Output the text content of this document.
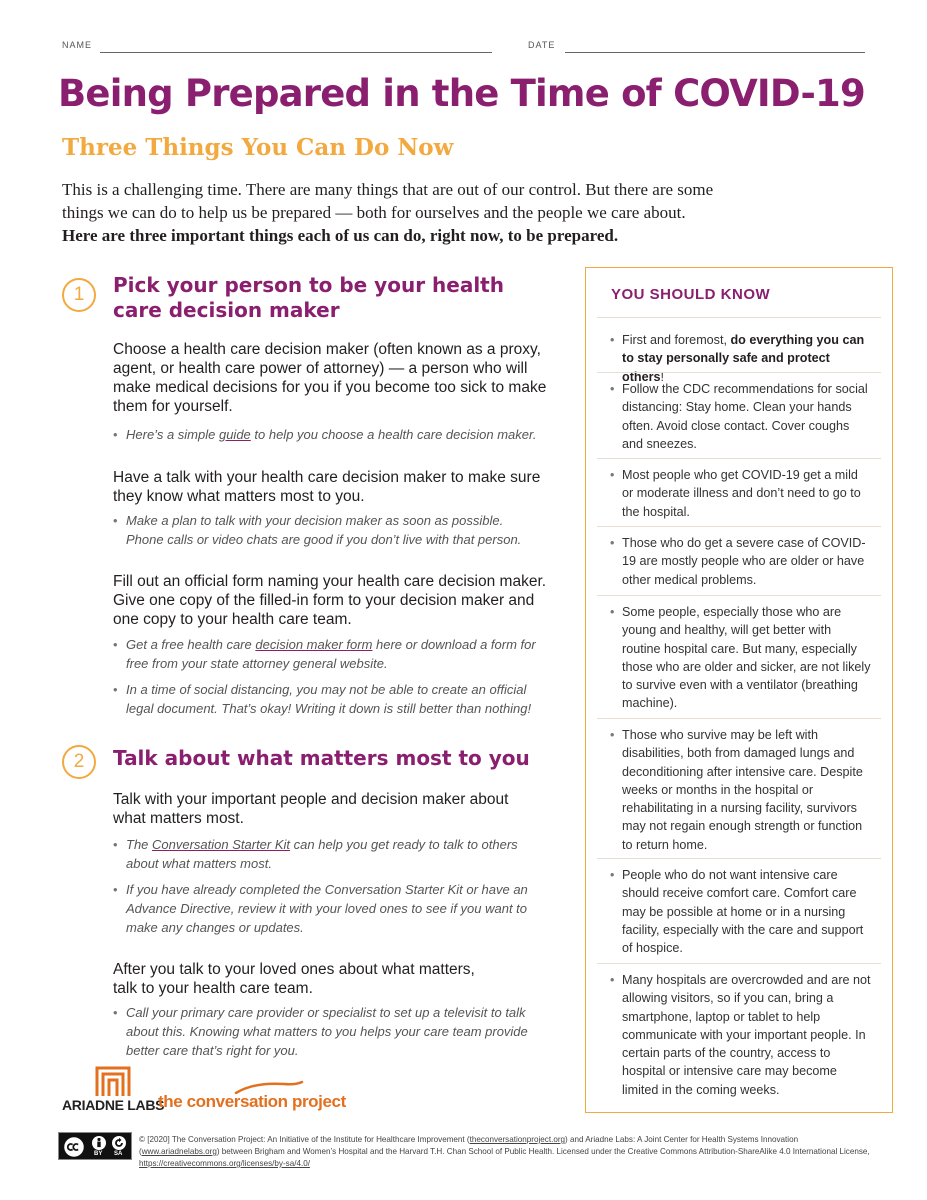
NAME	DATE
Being Prepared in the Time of COVID-19
Three Things You Can Do Now

This is a challenging time. There are many things that are out of our control. But there are some

things we can do to help us be prepared — both for ourselves and the people we care about.

Here are three important things each of us can do, right now, to be prepared.

1	Pick your person to be your health care decision maker
Choose a health care decision maker (often known as a proxy, agent, or health care power of attorney) — a person who will make medical decisions for you if you become too sick to make them for yourself.
• Here’s a simple guide to help you choose a health care decision maker.
Have a talk with your health care decision maker to make sure they know what matters most to you.
• Make a plan to talk with your decision maker as soon as possible. Phone calls or video chats are good if you don’t live with that person.
Fill out an official form naming your health care decision maker. Give one copy of the filled-in form to your decision maker and one copy to your health care team.
• Get a free health care decision maker form here or download a form for free from your state attorney general website.
• In a time of social distancing, you may not be able to create an official legal document. That’s okay! Writing it down is still better than nothing!
2	Talk about what matters most to you
Talk with your important people and decision maker about what matters most.
• The Conversation Starter Kit can help you get ready to talk to others about what matters most.
• If you have already completed the Conversation Starter Kit or have an Advance Directive, review it with your loved ones to see if you want to make any changes or updates.
After you talk to your loved ones about what matters, talk to your health care team.
• Call your primary care provider or specialist to set up a televisit to talk about this. Knowing what matters to you helps your care team provide better care that’s right for you.
YOU SHOULD KNOW
• First and foremost, do everything you can to stay personally safe and protect others!
• Follow the CDC recommendations for social distancing: Stay home. Clean your hands often. Avoid close contact. Cover coughs and sneezes.
• Most people who get COVID-19 get a mild or moderate illness and don’t need to go to the hospital.
• Those who do get a severe case of COVID-19 are mostly people who are older or have other medical problems.
• Some people, especially those who are young and healthy, will get better with routine hospital care. But many, especially those who are older and sicker, are not likely to survive even with a ventilator (breathing machine).
• Those who survive may be left with disabilities, both from damaged lungs and deconditioning after intensive care. Despite weeks or months in the hospital or rehabilitating in a nursing facility, survivors may not regain enough strength or function to return home.
• People who do not want intensive care should receive comfort care. Comfort care may be possible at home or in a nursing facility, especially with the care and support of hospice.
• Many hospitals are overcrowded and are not allowing visitors, so if you can, bring a smartphone, laptop or tablet to help communicate with your important people. In certain parts of the country, access to hospital or intensive care may become limited in the coming weeks.
ARIADNE LABS
the conversation project
BY SA
© [2020] The Conversation Project: An Initiative of the Institute for Healthcare Improvement (theconversationproject.org) and Ariadne Labs: A Joint Center for Health Systems Innovation (www.ariadnelabs.org) between Brigham and Women’s Hospital and the Harvard T.H. Chan School of Public Health. Licensed under the Creative Commons Attribution-ShareAlike 4.0 International License, https://creativecommons.org/licenses/by-sa/4.0/
